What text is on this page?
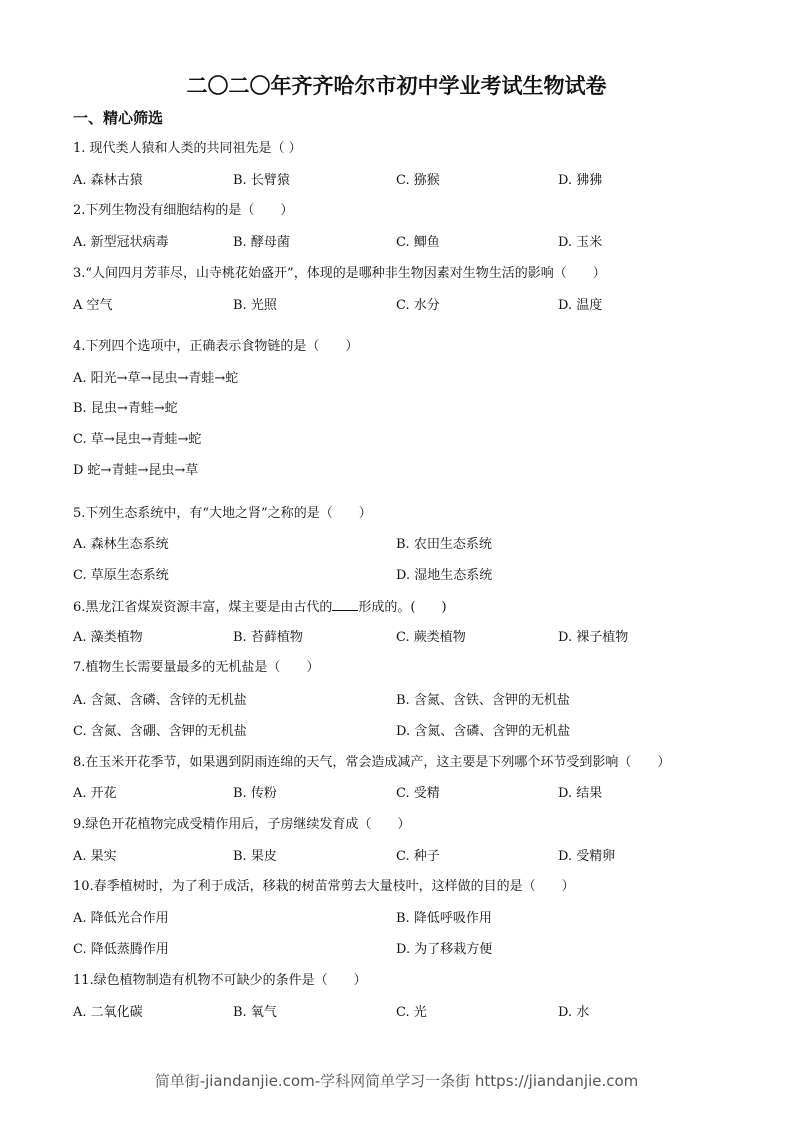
二〇二〇年齐齐哈尔市初中学业考试生物试卷
一、精心筛选
1. 现代类人猿和人类的共同祖先是（ ）
A. 森林古猿	B. 长臂猿	C. 猕猴	D. 狒狒
2.下列生物没有细胞结构的是（　　）
A. 新型冠状病毒	B. 酵母菌	C. 鲫鱼	D. 玉米
3.“人间四月芳菲尽，山寺桃花始盛开”，体现的是哪种非生物因素对生物生活的影响（　　）
A 空气	B. 光照	C. 水分	D. 温度
4.下列四个选项中，正确表示食物链的是（　　）
A. 阳光→草→昆虫→青蛙→蛇
B. 昆虫→青蛙→蛇
C. 草→昆虫→青蛙→蛇
D 蛇→青蛙→昆虫→草
5.下列生态系统中，有“大地之肾”之称的是（　　）
A. 森林生态系统	B. 农田生态系统
C. 草原生态系统	D. 湿地生态系统
6.黑龙江省煤炭资源丰富，煤主要是由古代的 形成的。(　　)
A. 藻类植物	B. 苔藓植物	C. 蕨类植物	D. 裸子植物
7.植物生长需要量最多的无机盐是（　　）
A. 含氮、含磷、含锌的无机盐	B. 含氮、含铁、含钾的无机盐
C. 含氮、含硼、含钾的无机盐	D. 含氮、含磷、含钾的无机盐
8.在玉米开花季节，如果遇到阴雨连绵的天气，常会造成减产，这主要是下列哪个环节受到影响（　　）
A. 开花	B. 传粉	C. 受精	D. 结果
9.绿色开花植物完成受精作用后，子房继续发育成（　　）
A. 果实	B. 果皮	C. 种子	D. 受精卵
10.春季植树时，为了利于成活，移栽的树苗常剪去大量枝叶，这样做的目的是（　　）
A. 降低光合作用	B. 降低呼吸作用
C. 降低蒸腾作用	D. 为了移栽方便
11.绿色植物制造有机物不可缺少的条件是（　　）
A. 二氧化碳	B. 氧气	C. 光	D. 水
简单街-jiandanjie.com-学科网简单学习一条街 https://jiandanjie.com
